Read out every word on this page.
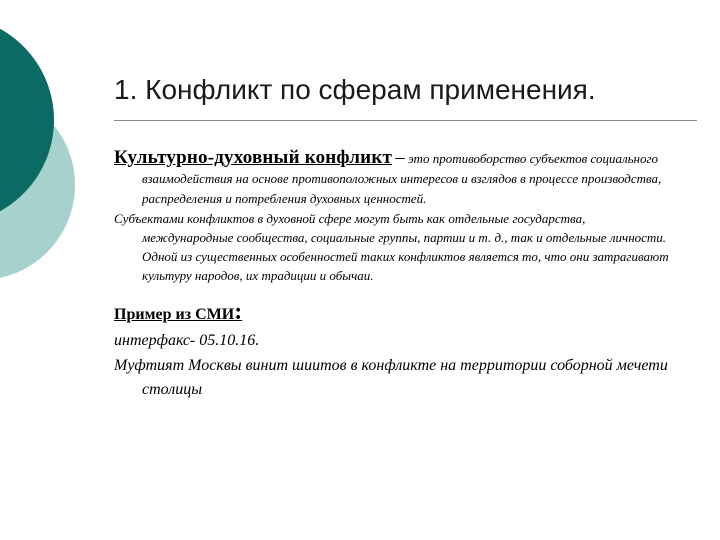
1. Конфликт по сферам применения.

Культурно-духовный конфликт – это противоборство субъектов социального взаимодействия на основе противоположных интересов и взглядов в процессе производства, распределения и потребления духовных ценностей.

Субъектами конфликтов в духовной сфере могут быть как отдельные государства, международные сообщества, социальные группы, партии и т. д., так и отдельные личности. Одной из существенных особенностей таких конфликтов является то, что они затрагивают культуру народов, их традиции и обычаи.

Пример из СМИ:

интерфакс- 05.10.16.

Муфтият Москвы винит шиитов в конфликте на территории соборной мечети столицы
